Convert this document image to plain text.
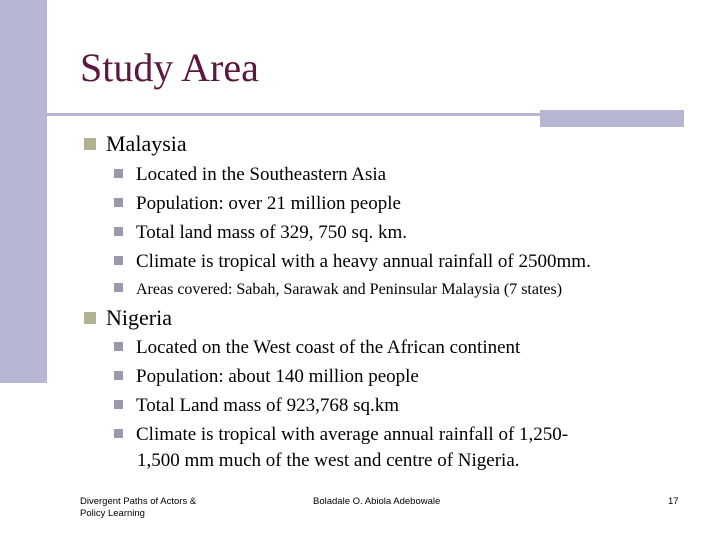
Study Area
Malaysia
Located in the Southeastern Asia
Population: over 21 million people
Total land mass of 329, 750 sq. km.
Climate is tropical with a heavy annual rainfall of 2500mm.
Areas covered: Sabah, Sarawak and Peninsular Malaysia (7 states)
Nigeria
Located on the West coast of the African continent
Population: about 140 million people
Total Land mass of 923,768 sq.km
Climate is tropical with average annual rainfall of 1,250-
1,500 mm much of the west and centre of Nigeria.
Divergent Paths of Actors &
Policy Learning
Boladale O. Abiola Adebowale	17
